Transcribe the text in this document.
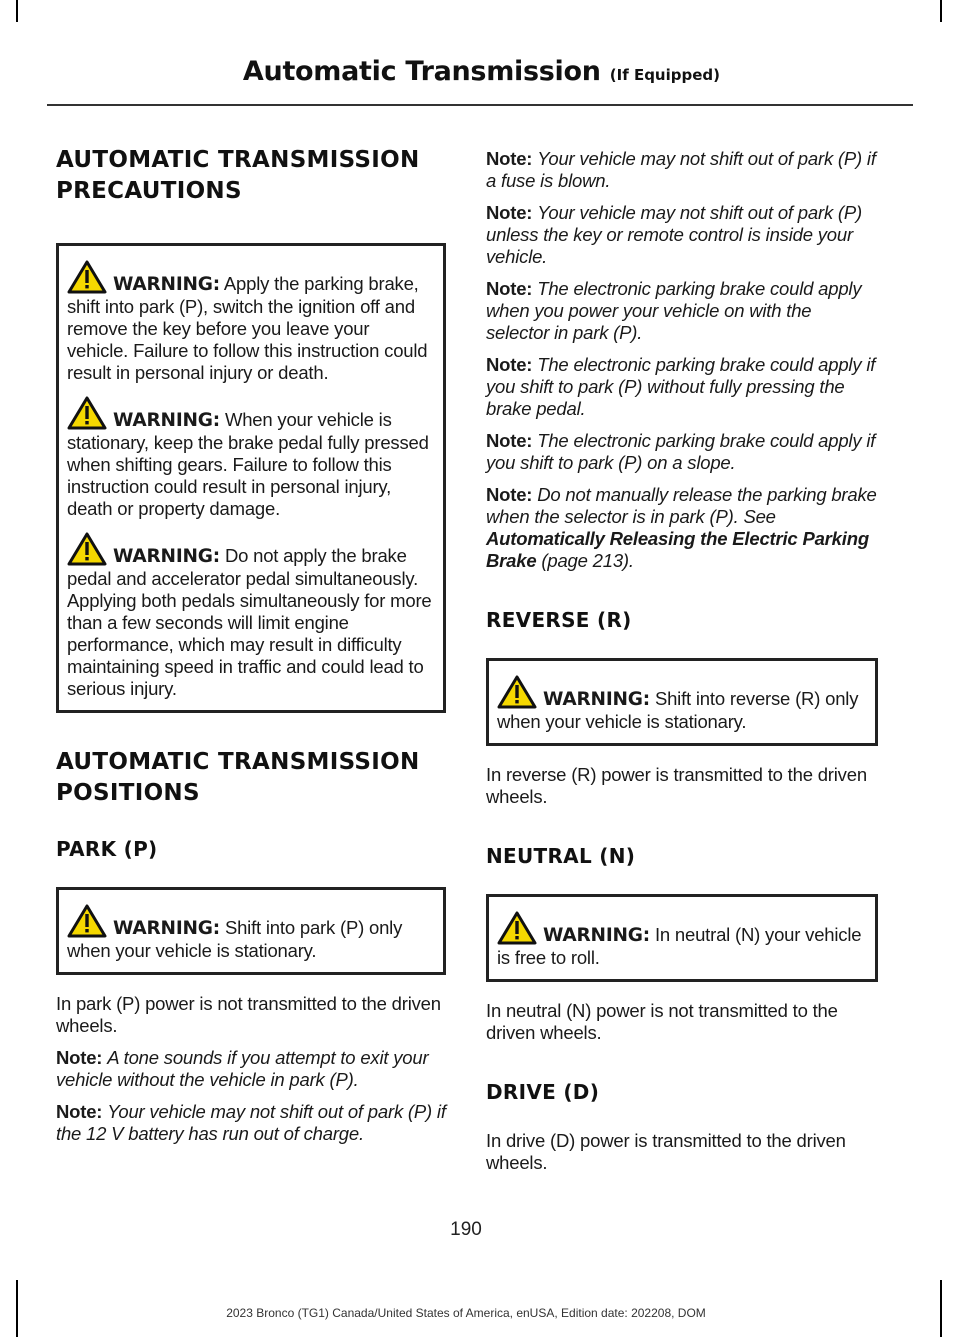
Automatic Transmission (If Equipped)
AUTOMATIC TRANSMISSION
PRECAUTIONS

WARNING: Apply the parking brake, shift into park (P), switch the ignition off and remove the key before you leave your vehicle. Failure to follow this instruction could result in personal injury or death.

WARNING: When your vehicle is stationary, keep the brake pedal fully pressed when shifting gears. Failure to follow this instruction could result in personal injury, death or property damage.

WARNING: Do not apply the brake pedal and accelerator pedal simultaneously. Applying both pedals simultaneously for more than a few seconds will limit engine performance, which may result in difficulty maintaining speed in traffic and could lead to serious injury.

AUTOMATIC TRANSMISSION
POSITIONS
PARK (P)

WARNING: Shift into park (P) only when your vehicle is stationary.

In park (P) power is not transmitted to the driven wheels.

Note: A tone sounds if you attempt to exit your vehicle without the vehicle in park (P).

Note: Your vehicle may not shift out of park (P) if the 12 V battery has run out of charge.

Note: Your vehicle may not shift out of park (P) if a fuse is blown.

Note: Your vehicle may not shift out of park (P) unless the key or remote control is inside your vehicle.

Note: The electronic parking brake could apply when you power your vehicle on with the selector in park (P).

Note: The electronic parking brake could apply if you shift to park (P) without fully pressing the brake pedal.

Note: The electronic parking brake could apply if you shift to park (P) on a slope.

Note: Do not manually release the parking brake when the selector is in park (P). See Automatically Releasing the Electric Parking Brake (page 213).

REVERSE (R)

WARNING: Shift into reverse (R) only when your vehicle is stationary.

In reverse (R) power is transmitted to the driven wheels.

NEUTRAL (N)

WARNING: In neutral (N) your vehicle is free to roll.

In neutral (N) power is not transmitted to the driven wheels.

DRIVE (D)

In drive (D) power is transmitted to the driven wheels.

190
2023 Bronco (TG1) Canada/United States of America, enUSA, Edition date: 202208, DOM
